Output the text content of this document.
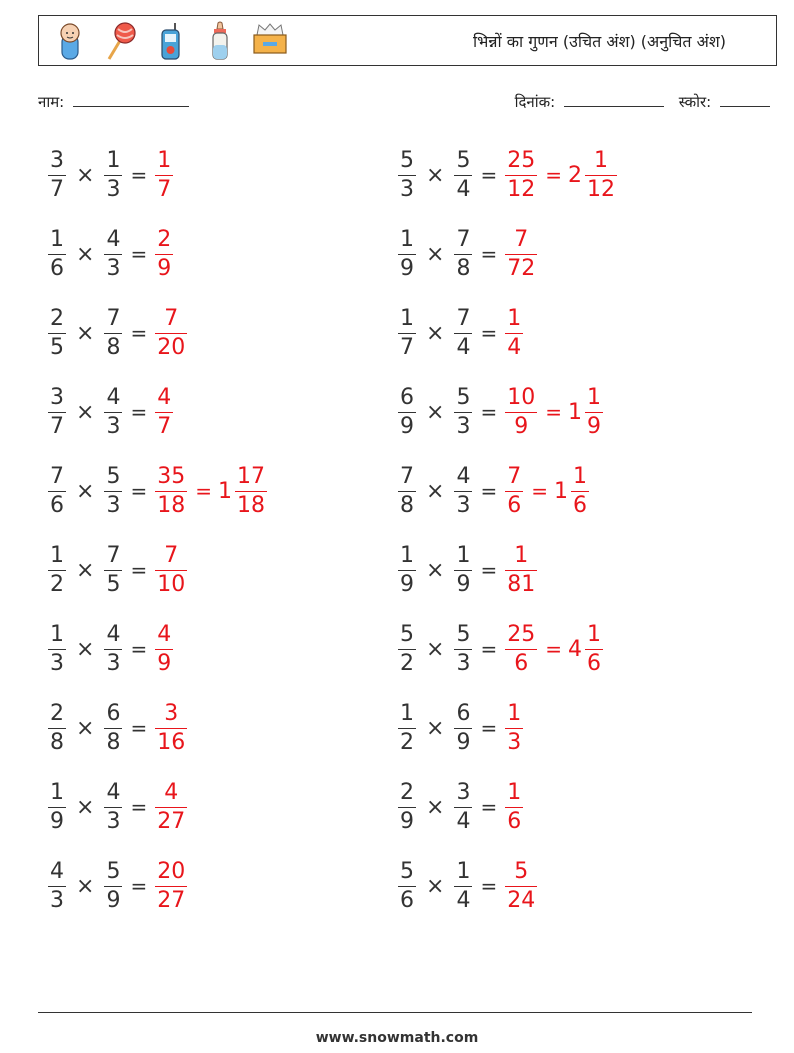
भिन्नों का गुणन (उचित अंश) (अनुचित अंश)
नाम:	दिनांक:	स्कोर:
$\frac{3}{7} \times \frac{1}{3} = \frac{1}{7}$	$\frac{5}{3} \times \frac{5}{4} = \frac{25}{12} = 2 \frac{1}{12}$
$\frac{1}{6} \times \frac{4}{3} = \frac{2}{9}$	$\frac{1}{9} \times \frac{7}{8} = \frac{7}{72}$
$\frac{2}{5} \times \frac{7}{8} = \frac{7}{20}$	$\frac{1}{7} \times \frac{7}{4} = \frac{1}{4}$
$\frac{3}{7} \times \frac{4}{3} = \frac{4}{7}$	$\frac{6}{9} \times \frac{5}{3} = \frac{10}{9} = 1 \frac{1}{9}$
$\frac{7}{6} \times \frac{5}{3} = \frac{35}{18} = 1 \frac{17}{18}$	$\frac{7}{8} \times \frac{4}{3} = \frac{7}{6} = 1 \frac{1}{6}$
$\frac{1}{2} \times \frac{7}{5} = \frac{7}{10}$	$\frac{1}{9} \times \frac{1}{9} = \frac{1}{81}$
$\frac{1}{3} \times \frac{4}{3} = \frac{4}{9}$	$\frac{5}{2} \times \frac{5}{3} = \frac{25}{6} = 4 \frac{1}{6}$
$\frac{2}{8} \times \frac{6}{8} = \frac{3}{16}$	$\frac{1}{2} \times \frac{6}{9} = \frac{1}{3}$
$\frac{1}{9} \times \frac{4}{3} = \frac{4}{27}$	$\frac{2}{9} \times \frac{3}{4} = \frac{1}{6}$
$\frac{4}{3} \times \frac{5}{9} = \frac{20}{27}$	$\frac{5}{6} \times \frac{1}{4} = \frac{5}{24}$
www.snowmath.com
